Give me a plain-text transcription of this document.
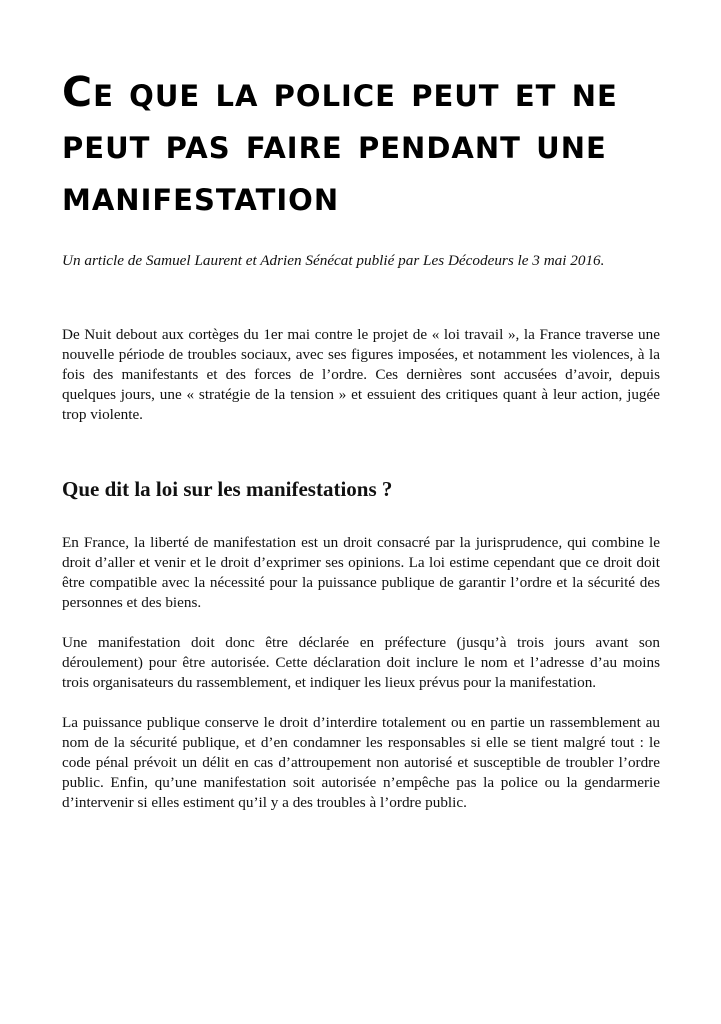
Ce que la police peut et ne peut pas faire pendant une manifestation

Un article de Samuel Laurent et Adrien Sénécat publié par Les Décodeurs le 3 mai 2016.

De Nuit debout aux cortèges du 1er mai contre le projet de « loi travail », la France traverse une nouvelle période de troubles sociaux, avec ses figures imposées, et notamment les violences, à la fois des manifestants et des forces de l’ordre. Ces dernières sont accusées d’avoir, depuis quelques jours, une « stratégie de la tension » et essuient des critiques quant à leur action, jugée trop violente.

Que dit la loi sur les manifestations ?

En France, la liberté de manifestation est un droit consacré par la jurisprudence, qui combine le droit d’aller et venir et le droit d’exprimer ses opinions. La loi estime cependant que ce droit doit être compatible avec la nécessité pour la puissance publique de garantir l’ordre et la sécurité des personnes et des biens.

Une manifestation doit donc être déclarée en préfecture (jusqu’à trois jours avant son déroulement) pour être autorisée. Cette déclaration doit inclure le nom et l’adresse d’au moins trois organisateurs du rassemblement, et indiquer les lieux prévus pour la manifestation.

La puissance publique conserve le droit d’interdire totalement ou en partie un rassemblement au nom de la sécurité publique, et d’en condamner les responsables si elle se tient malgré tout : le code pénal prévoit un délit en cas d’attroupement non autorisé et susceptible de troubler l’ordre public. Enfin, qu’une manifestation soit autorisée n’empêche pas la police ou la gendarmerie d’intervenir si elles estiment qu’il y a des troubles à l’ordre public.
